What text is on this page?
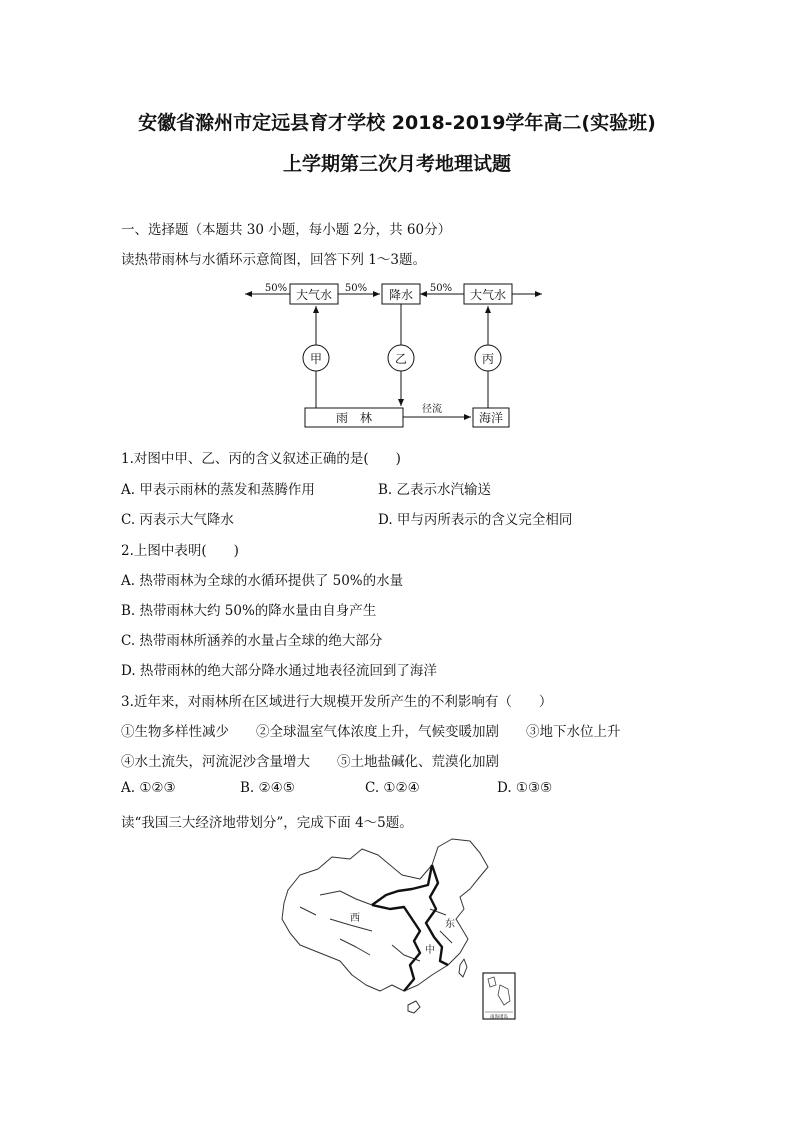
安徽省滁州市定远县育才学校 2018-2019学年高二(实验班)
上学期第三次月考地理试题
一、选择题（本题共 30 小题，每小题 2分，共 60分）
读热带雨林与水循环示意简图，回答下列 1～3题。
50%	50%	50%
大气水	降水	大气水
甲	乙	丙
雨　林
径流
海洋
1.对图中甲、乙、丙的含义叙述正确的是(　　)
A. 甲表示雨林的蒸发和蒸腾作用	B. 乙表示水汽输送
C. 丙表示大气降水	D. 甲与丙所表示的含义完全相同
2.上图中表明(　　)
A. 热带雨林为全球的水循环提供了 50%的水量
B. 热带雨林大约 50%的降水量由自身产生
C. 热带雨林所涵养的水量占全球的绝大部分
D. 热带雨林的绝大部分降水通过地表径流回到了海洋
3.近年来，对雨林所在区域进行大规模开发所产生的不利影响有（　　）
①生物多样性减少　　②全球温室气体浓度上升，气候变暖加剧　　③地下水位上升
④水土流失，河流泥沙含量增大　　⑤土地盐碱化、荒漠化加剧
A. ①②③	B. ②④⑤	C. ①②④	D. ①③⑤
读“我国三大经济地带划分”，完成下面 4～5题。
西
中
东
南海诸岛
